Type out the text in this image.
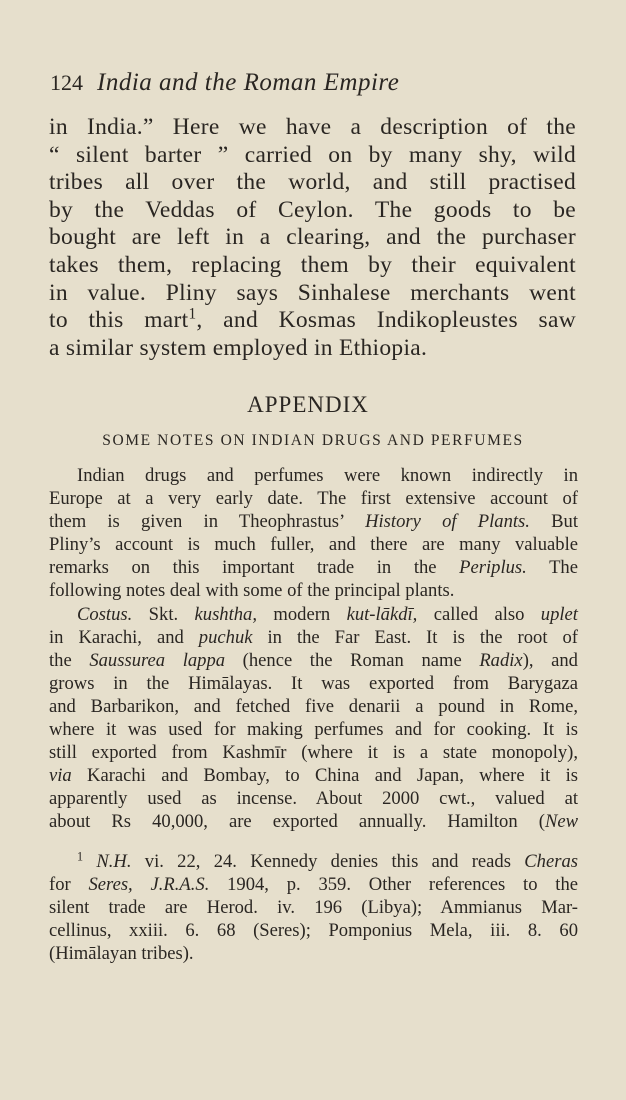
124 India and the Roman Empire
in India.” Here we have a description of the
“ silent barter ” carried on by many shy, wild
tribes all over the world, and still practised
by the Veddas of Ceylon. The goods to be
bought are left in a clearing, and the purchaser
takes them, replacing them by their equivalent
in value. Pliny says Sinhalese merchants went
to this mart$^1$, and Kosmas Indikopleustes saw
a similar system employed in Ethiopia.
APPENDIX
SOME NOTES ON INDIAN DRUGS AND PERFUMES
Indian drugs and perfumes were known indirectly in
Europe at a very early date. The first extensive account of
them is given in Theophrastus’ History of Plants. But
Pliny’s account is much fuller, and there are many valuable
remarks on this important trade in the Periplus. The
following notes deal with some of the principal plants.
Costus. Skt. kushtha, modern kut-lākdī, called also uplet
in Karachi, and puchuk in the Far East. It is the root of
the Saussurea lappa (hence the Roman name Radix), and
grows in the Himālayas. It was exported from Barygaza
and Barbarikon, and fetched five denarii a pound in Rome,
where it was used for making perfumes and for cooking. It is
still exported from Kashmīr (where it is a state monopoly),
via Karachi and Bombay, to China and Japan, where it is
apparently used as incense. About 2000 cwt., valued at
about Rs 40,000, are exported annually. Hamilton (New
$^1$ N.H. vi. 22, 24. Kennedy denies this and reads Cheras
for Seres, J.R.A.S. 1904, p. 359. Other references to the
silent trade are Herod. iv. 196 (Libya); Ammianus Mar-
cellinus, xxiii. 6. 68 (Seres); Pomponius Mela, iii. 8. 60
(Himālayan tribes).
